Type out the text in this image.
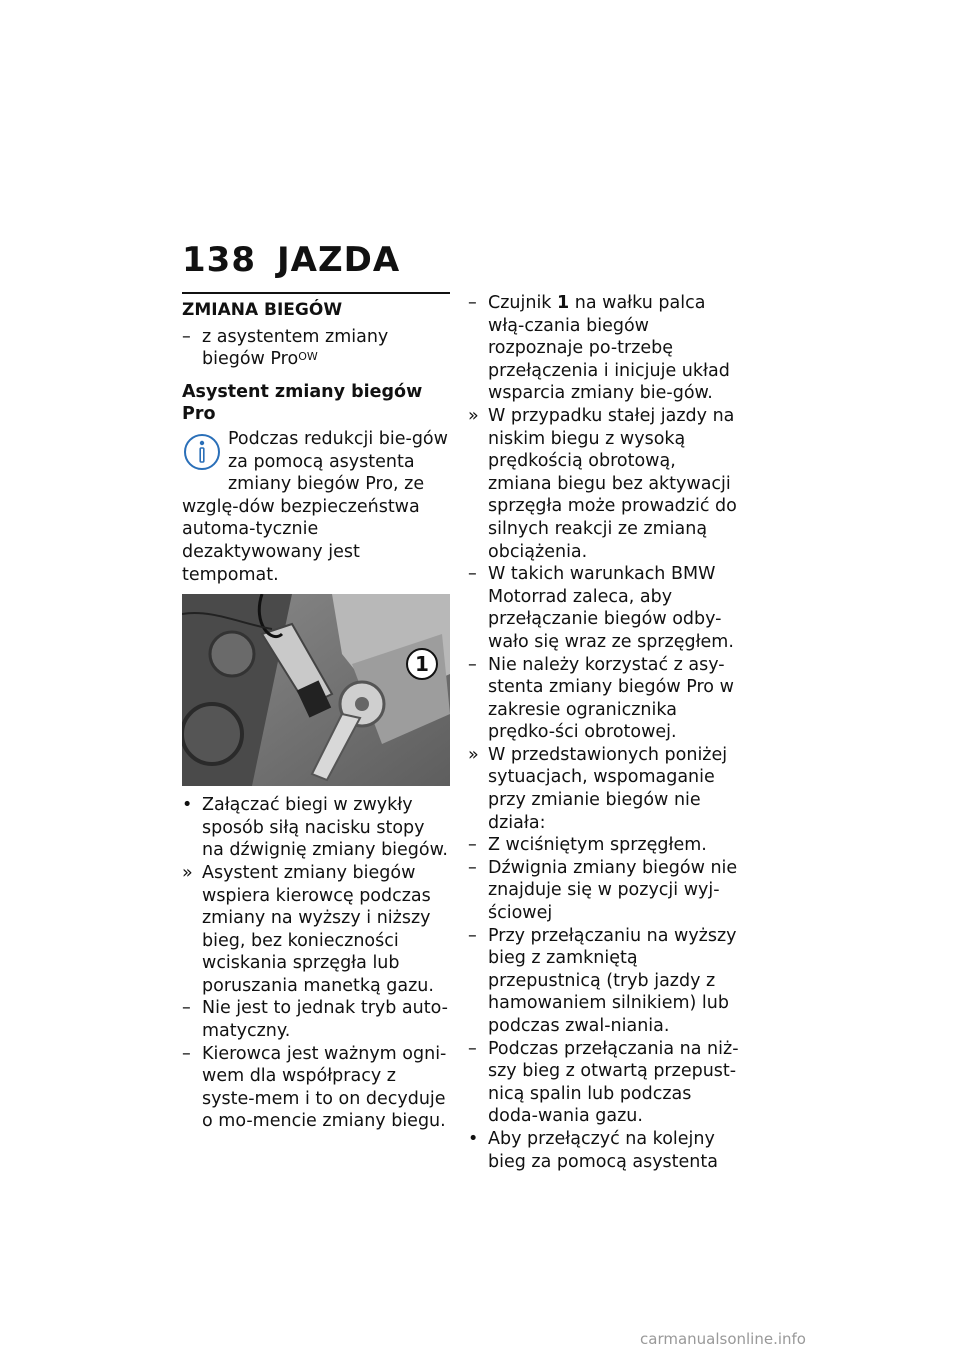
138 JAZDA
ZMIANA BIEGÓW
– z asystentem zmiany biegów Pro$^{OW}$
Asystent zmiany biegów Pro
Podczas redukcji bie-gów za pomocą asystenta zmiany biegów Pro, ze wzglę-dów bezpieczeństwa automa-tycznie dezaktywowany jest tempomat.
1
• Załączać biegi w zwykły sposób siłą nacisku stopy na dźwignię zmiany biegów.
» Asystent zmiany biegów wspiera kierowcę podczas zmiany na wyższy i niższy bieg, bez konieczności wciskania sprzęgła lub poruszania manetką gazu.
– Nie jest to jednak tryb auto-matyczny.
– Kierowca jest ważnym ogni-wem dla współpracy z syste-mem i to on decyduje o mo-mencie zmiany biegu.
– Czujnik 1 na wałku palca włą-czania biegów rozpoznaje po-trzebę przełączenia i inicjuje układ wsparcia zmiany bie-gów.
» W przypadku stałej jazdy na niskim biegu z wysoką prędkością obrotową, zmiana biegu bez aktywacji sprzęgła może prowadzić do silnych reakcji ze zmianą obciążenia.
– W takich warunkach BMW Motorrad zaleca, aby przełączanie biegów odby-wało się wraz ze sprzęgłem.
– Nie należy korzystać z asy-stenta zmiany biegów Pro w zakresie ogranicznika prędko-ści obrotowej.
» W przedstawionych poniżej sytuacjach, wspomaganie przy zmianie biegów nie działa:
– Z wciśniętym sprzęgłem.
– Dźwignia zmiany biegów nie znajduje się w pozycji wyj-ściowej
– Przy przełączaniu na wyższy bieg z zamkniętą przepustnicą (tryb jazdy z hamowaniem silnikiem) lub podczas zwal-niania.
– Podczas przełączania na niż-szy bieg z otwartą przepust-nicą spalin lub podczas doda-wania gazu.
• Aby przełączyć na kolejny bieg za pomocą asystenta
carmanualsonline.info
